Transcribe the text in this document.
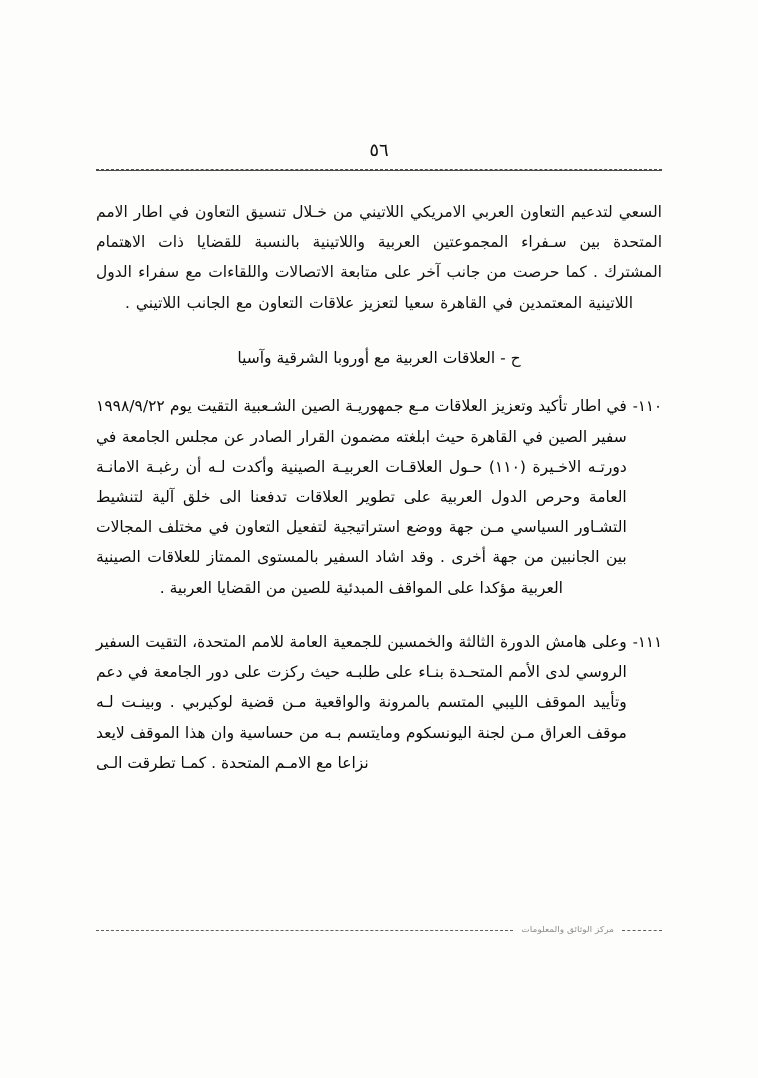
٥٦

السعي لتدعيم التعاون العربي الامريكي اللاتيني من خـلال تنسيق التعاون في اطار الامم المتحدة بين سـفراء المجموعتين العربية واللاتينية بالنسبة للقضايا ذات الاهتمام المشترك . كما حرصت من جانب آخر على متابعة الاتصالات واللقاءات مع سفراء الدول اللاتينية المعتمدين في القاهرة سعيا لتعزيز علاقات التعاون مع الجانب اللاتيني .

ح - العلاقات العربية مع أوروبا الشرقية وآسيا
١١٠-
في اطار تأكيد وتعزيز العلاقات مـع جمهوريـة الصين الشـعبية التقيت يوم ١٩٩٨/٩/٢٢ سفير الصين في القاهرة حيث ابلغته مضمون القرار الصادر عن مجلس الجامعة في دورتـه الاخـيرة (١١٠) حـول العلاقـات العربيـة الصينية وأكدت لـه أن رغبـة الامانـة العامة وحرص الدول العربية على تطوير العلاقات تدفعنا الى خلق آلية لتنشيط التشـاور السياسي مـن جهة ووضع استراتيجية لتفعيل التعاون في مختلف المجالات بين الجانبين من جهة أخرى . وقد اشاد السفير بالمستوى الممتاز للعلاقات الصينية العربية مؤكدا على المواقف المبدئية للصين من القضايا العربية .
١١١-
وعلى هامش الدورة الثالثة والخمسين للجمعية العامة للامم المتحدة، التقيت السفير الروسي لدى الأمم المتحـدة بنـاء على طلبـه حيث ركزت على دور الجامعة في دعم وتأييد الموقف الليبي المتسم بالمرونة والواقعية مـن قضية لوكيربي . وبينـت لـه موقف العراق مـن لجنة اليونسكوم ومايتسم بـه من حساسية وان هذا الموقف لايعد نزاعا مع الامـم المتحدة . كمـا تطرقت الـى
مركز الوثائق والمعلومات
